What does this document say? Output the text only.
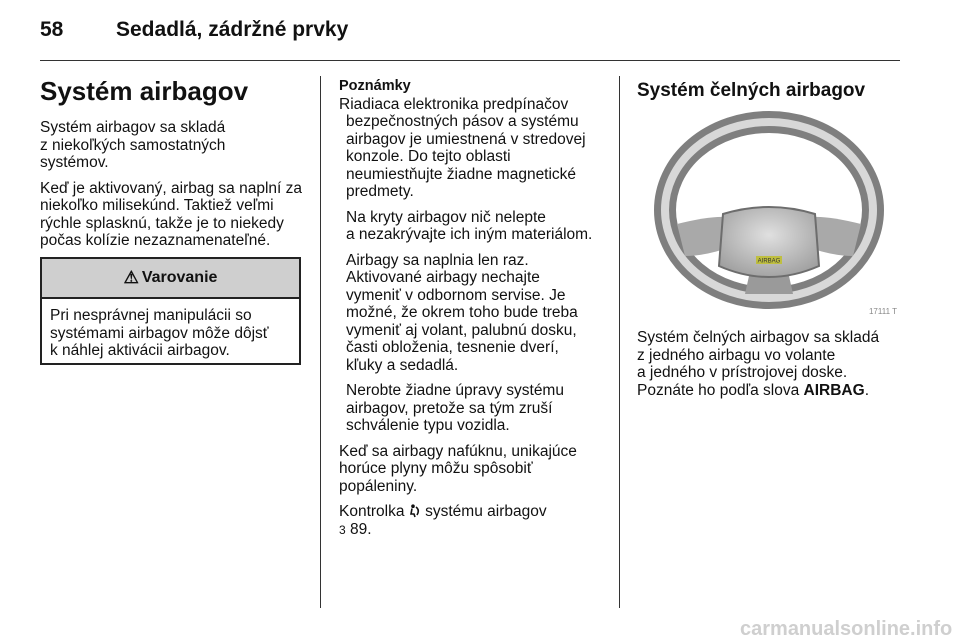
58	Sedadlá, zádržné prvky
Systém airbagov

Systém airbagov sa skladá
z niekoľkých samostatných
systémov.

Keď je aktivovaný, airbag sa naplní za
niekoľko milisekúnd. Taktiež veľmi
rýchle splasknú, takže je to niekedy
počas kolízie nezaznamenateľné.

⚠ Varovanie
Pri nesprávnej manipulácii so
systémami airbagov môže dôjsť
k náhlej aktivácii airbagov.
Poznámky
Riadiaca elektronika predpínačov

bezpečnostných pásov a systému
airbagov je umiestnená v stredovej
konzole. Do tejto oblasti
neumiestňujte žiadne magnetické
predmety.

Na kryty airbagov nič nelepte
a nezakrývajte ich iným materiálom.

Airbagy sa naplnia len raz.
Aktivované airbagy nechajte
vymeniť v odbornom servise. Je
možné, že okrem toho bude treba
vymeniť aj volant, palubnú dosku,
časti obloženia, tesnenie dverí,
kľuky a sedadlá.

Nerobte žiadne úpravy systému
airbagov, pretože sa tým zruší
schválenie typu vozidla.

Keď sa airbagy nafúknu, unikajúce
horúce plyny môžu spôsobiť
popáleniny.

Kontrolka systému airbagov
3 89.

Systém čelných airbagov
AIRBAG
17111 T

Systém čelných airbagov sa skladá
z jedného airbagu vo volante
a jedného v prístrojovej doske.
Poznáte ho podľa slova AIRBAG.

carmanualsonline.info
